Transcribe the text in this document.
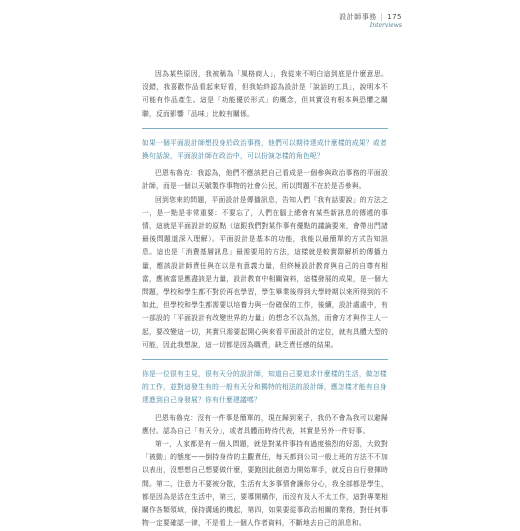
設計師事務 | 175
Interviews

因為某些原因，我被稱為「風格商人」，我從來不明白這到底是什麼意思。沒錯，我喜歡作品看起來好看，但我始終認為設計是「說話的工具」，說明本不可能有作品產生。這是「功能優於形式」的概念，但其實沒有根本與恐懼之關聯，反而影響「品味」比較有關係。

如果一個平面設計師想投身於政治事務，他們可以期待達成什麼樣的成果？或者換句話說，平面設計師在政治中，可以扮演怎樣的角色呢？

巴恩布魯克：我認為，他們不應該把自己看成是一個參與政治事務的平面設計師，而是一個以天賦製作事物的社會公民，所以問題不在於是否參與。

回到您來的問題，平面設計是傳播訊息，告知人們「我有話要說」的方法之一，是一點是非常重要：不要忘了，人們在腦上總會有某些新訊息的傳遞的事情，這就是平面設計的原點（這跟我們對某作事有優點的議論要來，會帶出門諸最後問題道深入理解）。平面設計是基本的功能，我能以最簡單的方式告知訊息。這也是「消費基層訊息」最需要用的方法，這樣就是較實際解析的傳播力量，應該設計師責任與在以是有意義力量，但終極設計教育與自己的自尊有相當，應被當是應盡該是力量，設計教育中相關資料，這樣發展的成果，是一個大問題，學校和學生都不對於再也學習，學生畢業後得到大學時期以來所得到的不如此，但學校和學生都需要以培養力與一份確保的工作，後續，設計處處中，有一部設的「平面設計有改變世界的力量」的想念不以為然，而會方才與作主人一起，要改變這一切，其實只需要起開心與來看平面設計的定位，就有具體大型的可能，因此我想說，這一切都是因為職責，缺乏責任感的結果。

你是一位很有主見，很有天分的設計師，知道自己要追求什麼樣的生活，做怎樣的工作，並對這發生有的一般有天分和獨特的相法的設計師，應怎樣才能有自身達進到自己身發展？你有什麼建議嗎？

巴恩布魯克：沒有一件事是簡單的，現在歸到案子，我仍不會為我可以避歸應付。認為自己「有天分」，或者具體而時待代表，其實是另外一件好事。

第一，人家都是有一個人問題，就是對某件事持有過度強烈的好惡，大致對「被動」的態度——倒持身待的主觀責任，每天都到公司一般上班的方法不不加以表出，沒想想自己想要做什麼，要跑因此創造力開始單手，就反自自行發揮時間。第二，注意力不要被分散，生活有太多事情會讓你分心，我全部都是學生，都是因為是活在生活中，第三，要導開構作，而沒有及人不太工作，這對專業相關作各類領域，保持溝通的機起，第四，如果要從事政治相關的業務，對任何事物一定要確認一律，不是看上一個人作者資料，不斷地去自己的訊息和。
